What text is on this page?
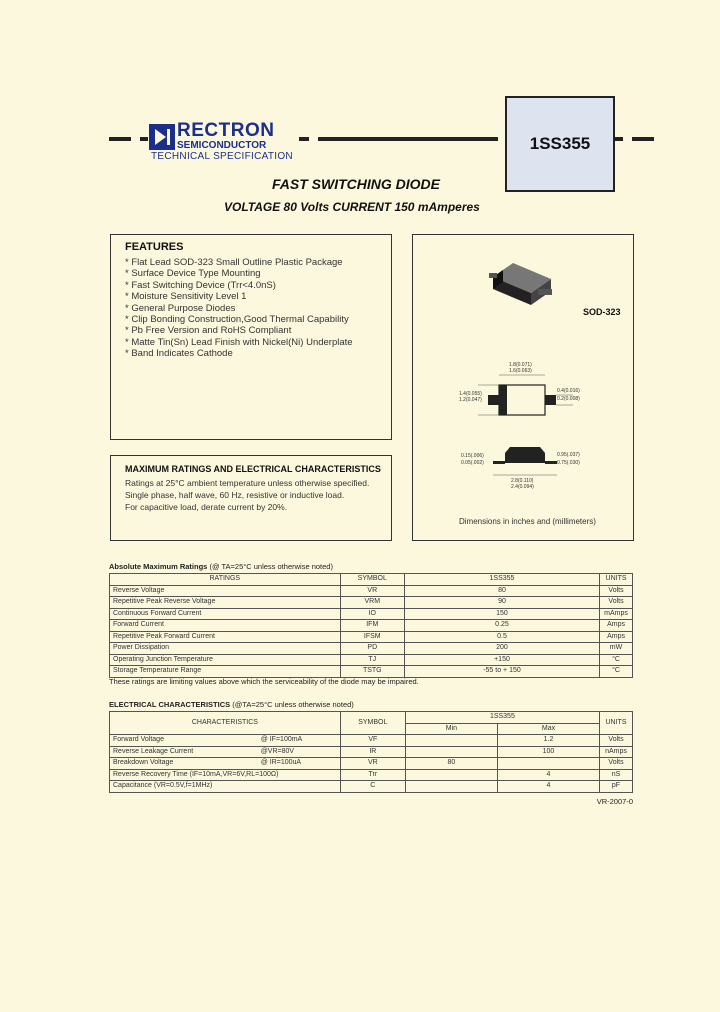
RECTRON
SEMICONDUCTOR
TECHNICAL SPECIFICATION
1SS355
FAST SWITCHING DIODE
VOLTAGE 80 Volts CURRENT 150 mAmperes
FEATURES
* Flat Lead SOD-323 Small Outline Plastic Package
* Surface Device Type Mounting
* Fast Switching Device (Trr<4.0nS)
* Moisture Sensitivity Level 1
* General Purpose Diodes
* Clip Bonding Construction,Good Thermal Capability
* Pb Free Version and RoHS Compliant
* Matte Tin(Sn) Lead Finish with Nickel(Ni) Underplate
* Band Indicates Cathode
MAXIMUM RATINGS AND ELECTRICAL CHARACTERISTICS
Ratings at 25°C ambient temperature unless otherwise specified.
Single phase, half wave, 60 Hz, resistive or inductive load.
For capacitive load, derate current by 20%.
SOD-323
1.8(0.071)
1.6(0.063)
1.4(0.055)
1.2(0.047)
0.4(0.016)
0.2(0.008)
0.15(.006)
0.05(.002)
0.95(.037)
0.75(.030)
2.8(0.110)
2.4(0.094)
Dimensions in inches and (millimeters)
Absolute Maximum Ratings (@ TA=25°C unless otherwise noted)
RATINGS	SYMBOL	1SS355	UNITS
Reverse Voltage	VR	80	Volts
Repetitive Peak Reverse Voltage	VRM	90	Volts
Continuous Forward Current	IO	150	mAmps
Forward Current	IFM	0.25	Amps
Repetitive Peak Forward Current	IFSM	0.5	Amps
Power Dissipation	PD	200	mW
Operating Junction Temperature	TJ	+150	°C
Storage Temperature Range	TSTG	-55 to + 150	°C
These ratings are limiting values above which the serviceability of the diode may be impaired.
ELECTRICAL CHARACTERISTICS (@TA=25°C unless otherwise noted)
CHARACTERISTICS		SYMBOL	1SS355		UNITS
			Min	Max	
Forward Voltage	@ IF=100mA	VF		1.2	Volts
Reverse Leakage Current	@VR=80V	IR		100	nAmps
Breakdown Voltage	@ IR=100uA	VR	80		Volts
Reverse Recovery Time (IF=10mA,VR=6V,RL=100Ω)		Trr		4	nS
Capacitance (VR=0.5V,f=1MHz)		C		4	pF
VR-2007-0
